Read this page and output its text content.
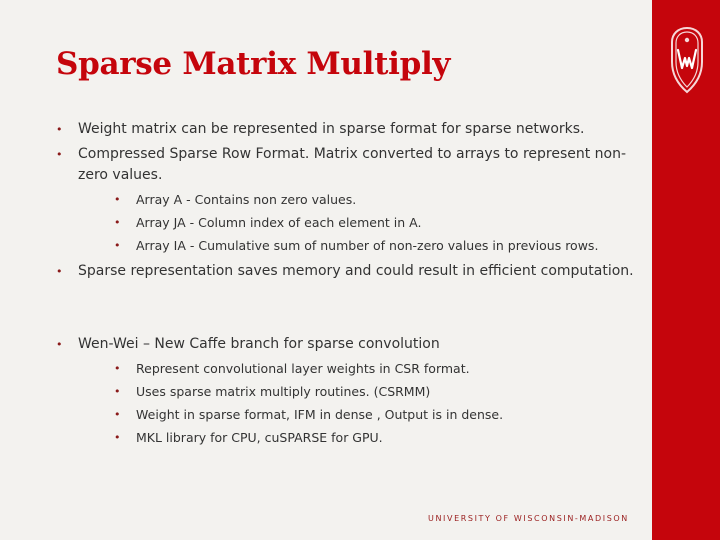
Sparse Matrix Multiply
•	Weight matrix can be represented in sparse format for sparse networks.
•	Compressed Sparse Row Format. Matrix converted to arrays to represent non-zero values.
•	Array A - Contains non zero values.
•	Array JA - Column index of each element in A.
•	Array IA - Cumulative sum of number of non-zero values in previous rows.
•	Sparse representation saves memory and could result in efficient computation.
•	Wen-Wei – New Caffe branch for sparse convolution
•	Represent convolutional layer weights in CSR format.
•	Uses sparse matrix multiply routines. (CSRMM)
•	Weight in sparse format, IFM in dense , Output is in dense.
•	MKL library for CPU, cuSPARSE for GPU.
UNIVERSITY OF WISCONSIN-MADISON
